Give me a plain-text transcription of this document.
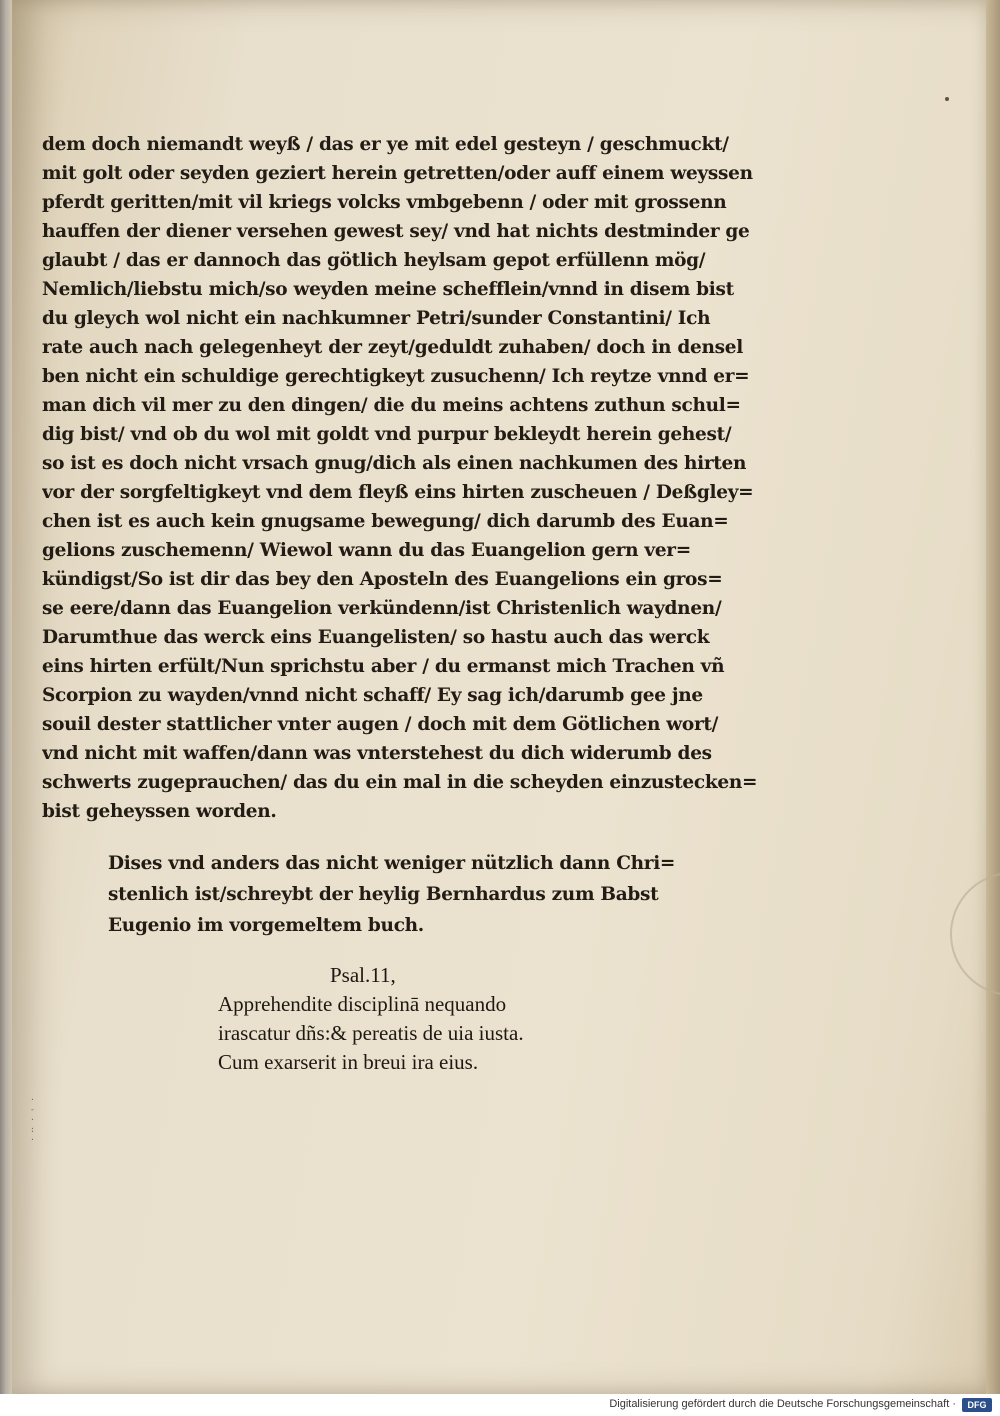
·
‑
·
:
·
dem doch niemandt weyß / das er ye mit edel gesteyn / geschmuckt/
mit golt oder seyden geziert herein getretten/oder auff einem weyssen
pferdt geritten/mit vil kriegs volcks vmbgebenn / oder mit grossenn
hauffen der diener versehen gewest sey/ vnd hat nichts destminder ge
glaubt / das er dannoch das götlich heylsam gepot erfüllenn mög/
Nemlich/liebstu mich/so weyden meine schefflein/vnnd in disem bist
du gleych wol nicht ein nachkumner Petri/sunder Constantini/ Ich
rate auch nach gelegenheyt der zeyt/geduldt zuhaben/ doch in densel
ben nicht ein schuldige gerechtigkeyt zusuchenn/ Ich reytze vnnd er=
man dich vil mer zu den dingen/ die du meins achtens zuthun schul=
dig bist/ vnd ob du wol mit goldt vnd purpur bekleydt herein gehest/
so ist es doch nicht vrsach gnug/dich als einen nachkumen des hirten
vor der sorgfeltigkeyt vnd dem fleyß eins hirten zuscheuen / Deßgley=
chen ist es auch kein gnugsame bewegung/ dich darumb des Euan=
gelions zuschemenn/ Wiewol wann du das Euangelion gern ver=
kündigst/So ist dir das bey den Aposteln des Euangelions ein gros=
se eere/dann das Euangelion verkündenn/ist Christenlich waydnen/
Darumthue das werck eins Euangelisten/ so hastu auch das werck
eins hirten erfült/Nun sprichstu aber / du ermanst mich Trachen vñ
Scorpion zu wayden/vnnd nicht schaff/ Ey sag ich/darumb gee jne
souil dester stattlicher vnter augen / doch mit dem Götlichen wort/
vnd nicht mit waffen/dann was vnterstehest du dich widerumb des
schwerts zugeprauchen/ das du ein mal in die scheyden einzustecken=
bist geheyssen worden.
Dises vnd anders das nicht weniger nützlich dann Chri=
stenlich ist/schreybt der heylig Bernhardus zum Babst
Eugenio im vorgemeltem buch.
Psal.11,
Apprehendite disciplinā nequando
irascatur dñs:& pereatis de uia iusta.
Cum exarserit in breui ira eius.
Digitalisierung gefördert durch die Deutsche Forschungsgemeinschaft ·	DFG
